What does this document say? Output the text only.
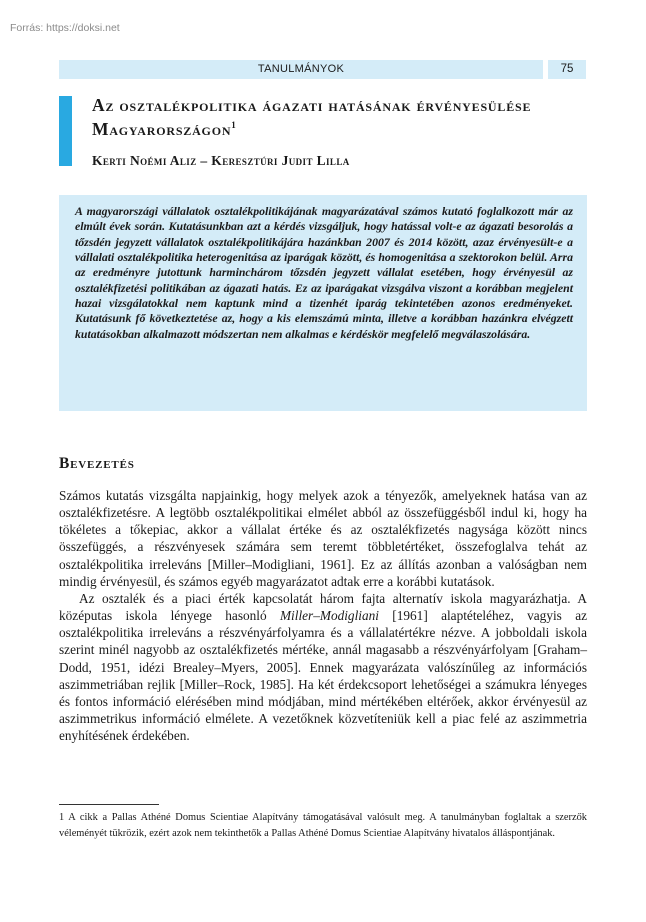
Forrás: https://doksi.net
TANULMÁNYOK	75
Az osztalékpolitika ágazati hatásának érvényesülése Magyarországon$^1$
Kerti Noémi Aliz – Keresztúri Judit Lilla

A magyarországi vállalatok osztalékpolitikájának magyarázatával számos kutató foglalkozott már az elmúlt évek során. Kutatásunkban azt a kérdés vizsgáljuk, hogy hatással volt-e az ágazati besorolás a tőzsdén jegyzett vállalatok osztalékpolitikájára hazánkban 2007 és 2014 között, azaz érvényesült-e a vállalati osztalékpolitika heterogenitása az iparágak között, és homogenitása a szektorokon belül. Arra az eredményre jutottunk harminchárom tőzsdén jegyzett vállalat esetében, hogy érvényesül az osztalékfizetési politikában az ágazati hatás. Ez az iparágakat vizsgálva viszont a korábban megjelent hazai vizsgálatokkal nem kaptunk mind a tizenhét iparág tekintetében azonos eredményeket. Kutatásunk fő következtetése az, hogy a kis elemszámú minta, illetve a korábban hazánkra elvégzett kutatásokban alkalmazott módszertan nem alkalmas e kérdéskör megfelelő megválaszolására.

Bevezetés

Számos kutatás vizsgálta napjainkig, hogy melyek azok a tényezők, amelyeknek hatása van az osztalékfizetésre. A legtöbb osztalékpolitikai elmélet abból az összefüggésből indul ki, hogy ha tökéletes a tőkepiac, akkor a vállalat értéke és az osztalékfizetés nagysága között nincs összefüggés, a részvényesek számára sem teremt többletértéket, összefoglalva tehát az osztalékpolitika irreleváns [Miller–Modigliani, 1961]. Ez az állítás azonban a valóságban nem mindig érvényesül, és számos egyéb magyarázatot adtak erre a korábbi kutatások.

Az osztalék és a piaci érték kapcsolatát három fajta alternatív iskola magyarázhatja. A középutas iskola lényege hasonló Miller–Modigliani [1961] alaptételéhez, vagyis az osztalékpolitika irreleváns a részvényárfolyamra és a vállalatértékre nézve. A jobboldali iskola szerint minél nagyobb az osztalékfizetés mértéke, annál magasabb a részvényárfolyam [Graham–Dodd, 1951, idézi Brealey–Myers, 2005]. Ennek magyarázata valószínűleg az információs aszimmetriában rejlik [Miller–Rock, 1985]. Ha két érdekcsoport lehetőségei a számukra lényeges és fontos információ elérésében mind módjában, mind mértékében eltérőek, akkor érvényesül az aszimmetrikus információ elmélete. A vezetőknek közvetíteniük kell a piac felé az aszimmetria enyhítésének érdekében.

1 A cikk a Pallas Athéné Domus Scientiae Alapítvány támogatásával valósult meg. A tanulmányban foglaltak a szerzők véleményét tükrözik, ezért azok nem tekinthetők a Pallas Athéné Domus Scientiae Alapítvány hivatalos álláspontjának.
